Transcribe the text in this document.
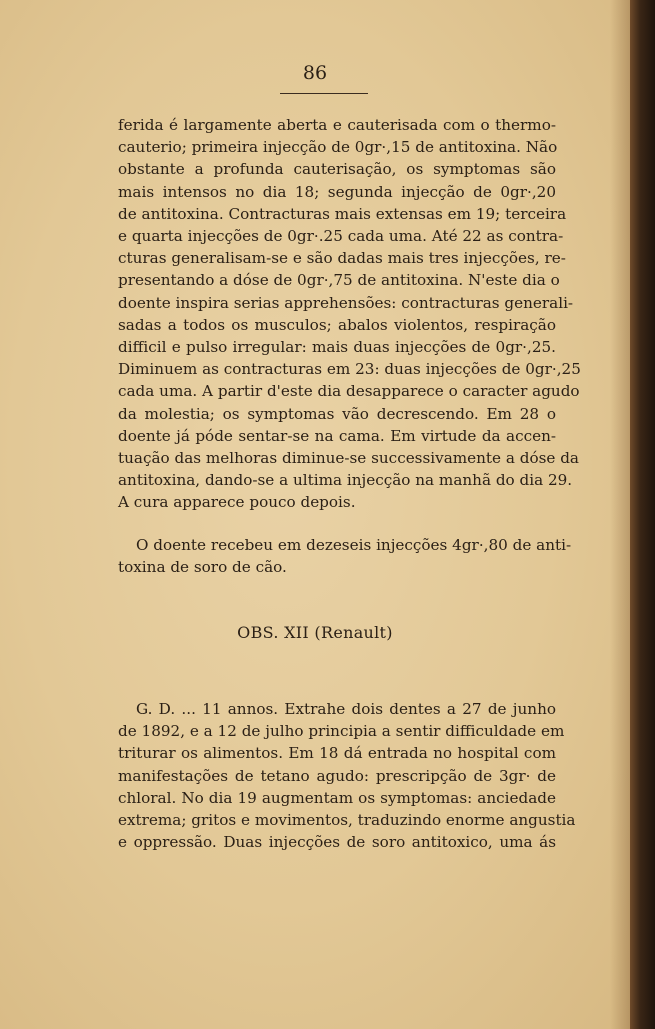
86
ferida é largamente aberta e cauterisada com o thermo-
cauterio; primeira injecção de 0gr·,15 de antitoxina. Não
obstante a profunda cauterisação, os symptomas são
mais intensos no dia 18; segunda injecção de 0gr·,20
de antitoxina. Contracturas mais extensas em 19; terceira
e quarta injecções de 0gr·.25 cada uma. Até 22 as contra-
cturas generalisam-se e são dadas mais tres injecções, re-
presentando a dóse de 0gr·,75 de antitoxina. N'este dia o
doente inspira serias apprehensões: contracturas generali-
sadas a todos os musculos; abalos violentos, respiração
difficil e pulso irregular: mais duas injecções de 0gr·,25.
Diminuem as contracturas em 23: duas injecções de 0gr·,25
cada uma. A partir d'este dia desapparece o caracter agudo
da molestia; os symptomas vão decrescendo. Em 28 o
doente já póde sentar-se na cama. Em virtude da accen-
tuação das melhoras diminue-se successivamente a dóse da
antitoxina, dando-se a ultima injecção na manhã do dia 29.
A cura apparece pouco depois.
O doente recebeu em dezeseis injecções 4gr·,80 de anti-
toxina de soro de cão.
OBS. XII (Renault)
G. D. ... 11 annos. Extrahe dois dentes a 27 de junho
de 1892, e a 12 de julho principia a sentir difficuldade em
triturar os alimentos. Em 18 dá entrada no hospital com
manifestações de tetano agudo: prescripção de 3gr· de
chloral. No dia 19 augmentam os symptomas: anciedade
extrema; gritos e movimentos, traduzindo enorme angustia
e oppressão. Duas injecções de soro antitoxico, uma ás
